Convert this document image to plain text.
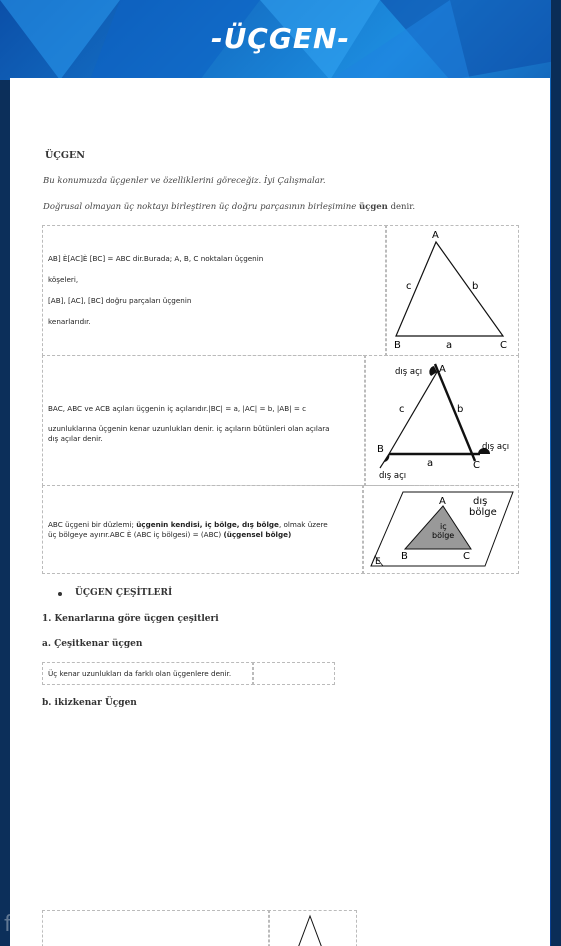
-ÜÇGEN-
ÜÇGEN
Bu konumuzda üçgenler ve özelliklerini göreceğiz. İyi Çalışmalar.
Doğrusal olmayan üç noktayı birleştiren üç doğru parçasının birleşimine üçgen denir.
AB] È[AC]È [BC] = ABC dir.Burada; A, B, C noktaları üçgenin
köşeleri,
[AB], [AC], [BC] doğru parçaları üçgenin
kenarlarıdır.
A
B	C
a
b
c
BAC, ABC ve ACB açıları üçgenin iç açılarıdır.|BC| = a, |AC| = b, |AB| = c
uzunluklarına üçgenin kenar uzunlukları denir. iç açıların bütünleri olan açılara
dış açılar denir.
A
B
C
a
b
c
dış açı
dış açı
dış açı
ABC üçgeni bir düzlemi; üçgenin kendisi, iç bölge, dış bölge, olmak üzere
üç bölgeye ayırır.ABC È (ABC iç bölgesi) = (ABC) (üçgensel bölge)
A
B	C
E
dış
bölge
iç
bölge
ÜÇGEN ÇEŞİTLERİ
1. Kenarlarına göre üçgen çeşitleri
a. Çeşitkenar üçgen
Üç kenar uzunlukları da farklı olan üçgenlere denir.
b. ikizkenar Üçgen
free for personal use
